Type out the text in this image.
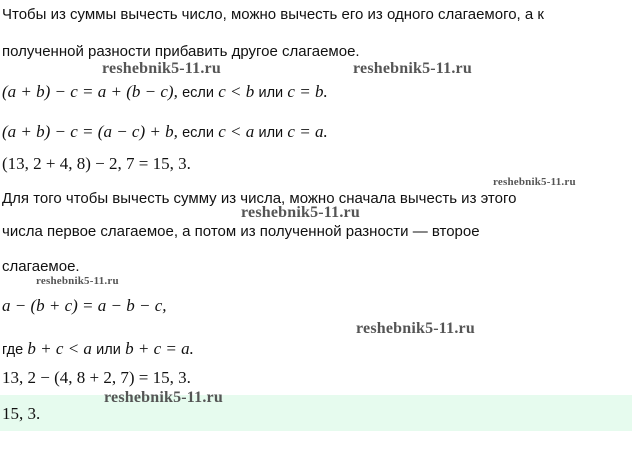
Чтобы из суммы вычесть число, можно вычесть его из одного слагаемого, а к
полученной разности прибавить другое слагаемое.
(a + b) − c = a + (b − c), если c < b или c = b.
(a + b) − c = (a − c) + b, если c < a или c = a.
(13, 2 + 4, 8) − 2, 7 = 15, 3.
Для того чтобы вычесть сумму из числа, можно сначала вычесть из этого
числа первое слагаемое, а потом из полученной разности — второе
слагаемое.
a − (b + c) = a − b − c,
где b + c < a или b + c = a.
13, 2 − (4, 8 + 2, 7) = 15, 3.
15, 3.
reshebnik5-11.ru	reshebnik5-11.ru
reshebnik5-11.ru
reshebnik5-11.ru
reshebnik5-11.ru
reshebnik5-11.ru
reshebnik5-11.ru
